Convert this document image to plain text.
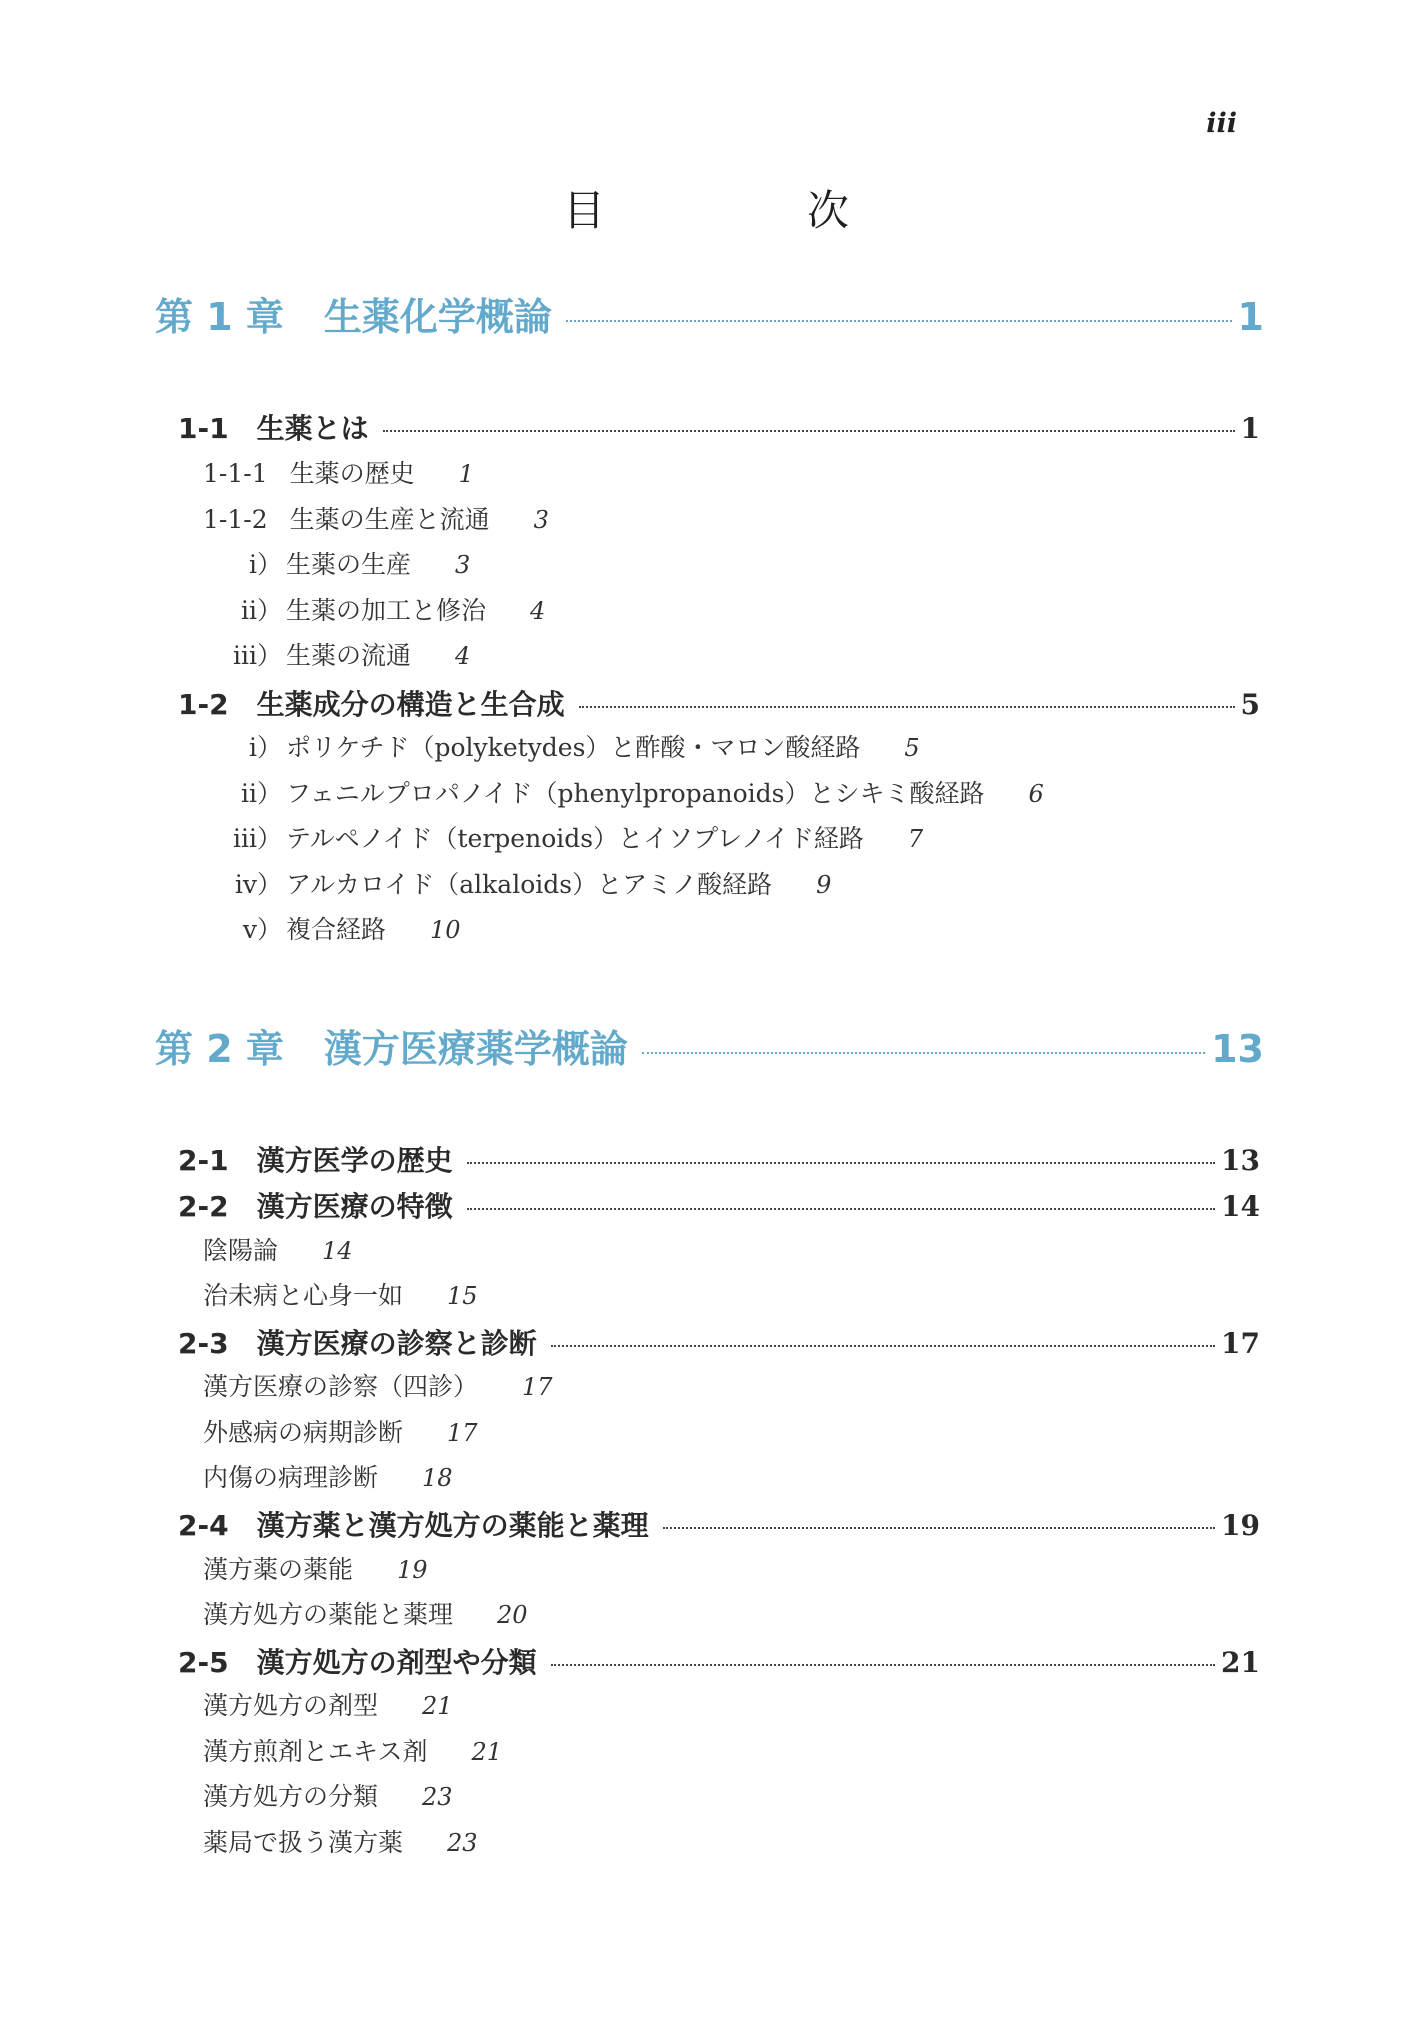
iii
目　次
第 1 章 生薬化学概論	1
1-1 生薬とは	1
1-1-1 生薬の歴史 1
1-1-2 生薬の生産と流通 3
ⅰ） 生薬の生産 3
ⅱ） 生薬の加工と修治 4
ⅲ） 生薬の流通 4
1-2 生薬成分の構造と生合成	5
ⅰ） ポリケチド（polyketydes）と酢酸・マロン酸経路 5
ⅱ） フェニルプロパノイド（phenylpropanoids）とシキミ酸経路 6
ⅲ） テルペノイド（terpenoids）とイソプレノイド経路 7
ⅳ） アルカロイド（alkaloids）とアミノ酸経路 9
ⅴ） 複合経路 10
第 2 章 漢方医療薬学概論	13
2-1 漢方医学の歴史	13
2-2 漢方医療の特徴	14
陰陽論 14
治未病と心身一如 15
2-3 漢方医療の診察と診断	17
漢方医療の診察（四診） 17
外感病の病期診断 17
内傷の病理診断 18
2-4 漢方薬と漢方処方の薬能と薬理	19
漢方薬の薬能 19
漢方処方の薬能と薬理 20
2-5 漢方処方の剤型や分類	21
漢方処方の剤型 21
漢方煎剤とエキス剤 21
漢方処方の分類 23
薬局で扱う漢方薬 23
